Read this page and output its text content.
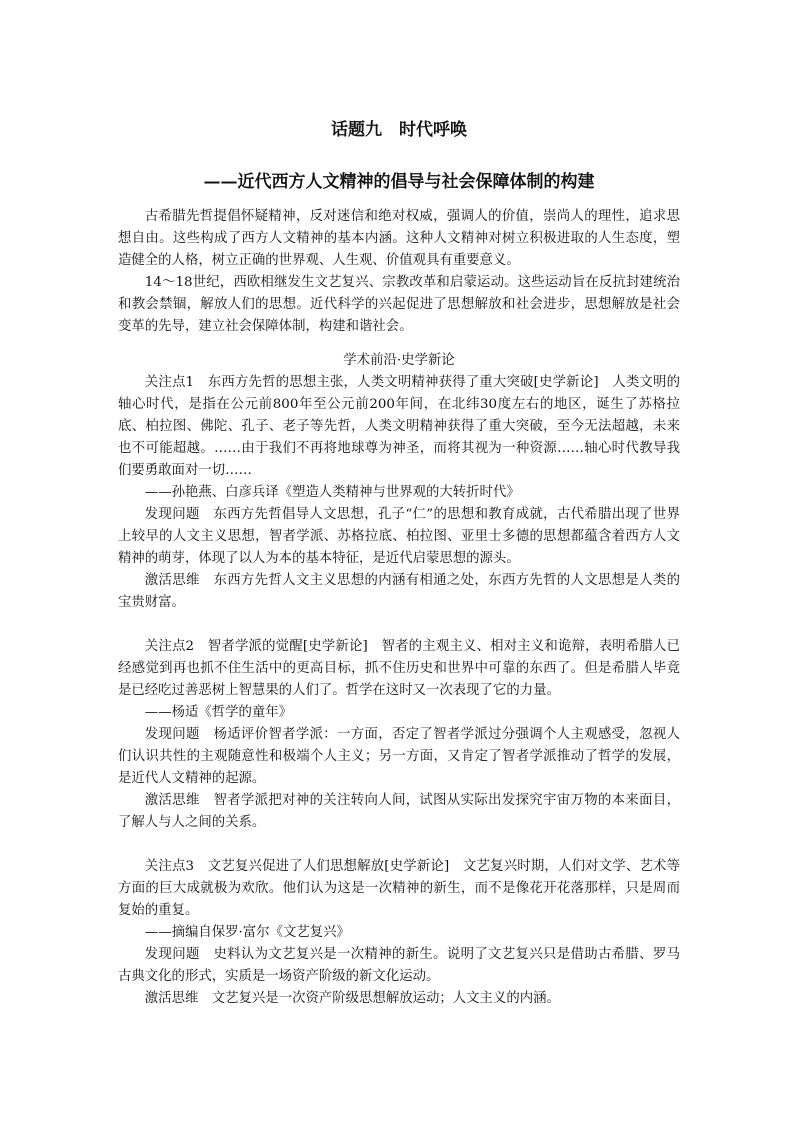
话题九　时代呼唤
——近代西方人文精神的倡导与社会保障体制的构建

古希腊先哲提倡怀疑精神，反对迷信和绝对权威，强调人的价值，崇尚人的理性，追求思想自由。这些构成了西方人文精神的基本内涵。这种人文精神对树立积极进取的人生态度，塑造健全的人格，树立正确的世界观、人生观、价值观具有重要意义。

14～18世纪，西欧相继发生文艺复兴、宗教改革和启蒙运动。这些运动旨在反抗封建统治和教会禁锢，解放人们的思想。近代科学的兴起促进了思想解放和社会进步，思想解放是社会变革的先导，建立社会保障体制，构建和谐社会。

学术前沿·史学新论

关注点1　东西方先哲的思想主张，人类文明精神获得了重大突破[史学新论]　人类文明的轴心时代，是指在公元前800年至公元前200年间，在北纬30度左右的地区，诞生了苏格拉底、柏拉图、佛陀、孔子、老子等先哲，人类文明精神获得了重大突破，至今无法超越，未来也不可能超越。……由于我们不再将地球尊为神圣，而将其视为一种资源……轴心时代教导我们要勇敢面对一切……

——孙艳燕、白彦兵译《塑造人类精神与世界观的大转折时代》

发现问题　东西方先哲倡导人文思想，孔子“仁”的思想和教育成就，古代希腊出现了世界上较早的人文主义思想，智者学派、苏格拉底、柏拉图、亚里士多德的思想都蕴含着西方人文精神的萌芽，体现了以人为本的基本特征，是近代启蒙思想的源头。

激活思维　东西方先哲人文主义思想的内涵有相通之处，东西方先哲的人文思想是人类的宝贵财富。

关注点2　智者学派的觉醒[史学新论]　智者的主观主义、相对主义和诡辩，表明希腊人已经感觉到再也抓不住生活中的更高目标，抓不住历史和世界中可靠的东西了。但是希腊人毕竟是已经吃过善恶树上智慧果的人们了。哲学在这时又一次表现了它的力量。

——杨适《哲学的童年》

发现问题　杨适评价智者学派：一方面，否定了智者学派过分强调个人主观感受，忽视人们认识共性的主观随意性和极端个人主义；另一方面，又肯定了智者学派推动了哲学的发展，是近代人文精神的起源。

激活思维　智者学派把对神的关注转向人间，试图从实际出发探究宇宙万物的本来面目，了解人与人之间的关系。

关注点3　文艺复兴促进了人们思想解放[史学新论]　文艺复兴时期，人们对文学、艺术等方面的巨大成就极为欢欣。他们认为这是一次精神的新生，而不是像花开花落那样，只是周而复始的重复。

——摘编自保罗·富尔《文艺复兴》

发现问题　史料认为文艺复兴是一次精神的新生。说明了文艺复兴只是借助古希腊、罗马古典文化的形式，实质是一场资产阶级的新文化运动。

激活思维　文艺复兴是一次资产阶级思想解放运动；人文主义的内涵。
